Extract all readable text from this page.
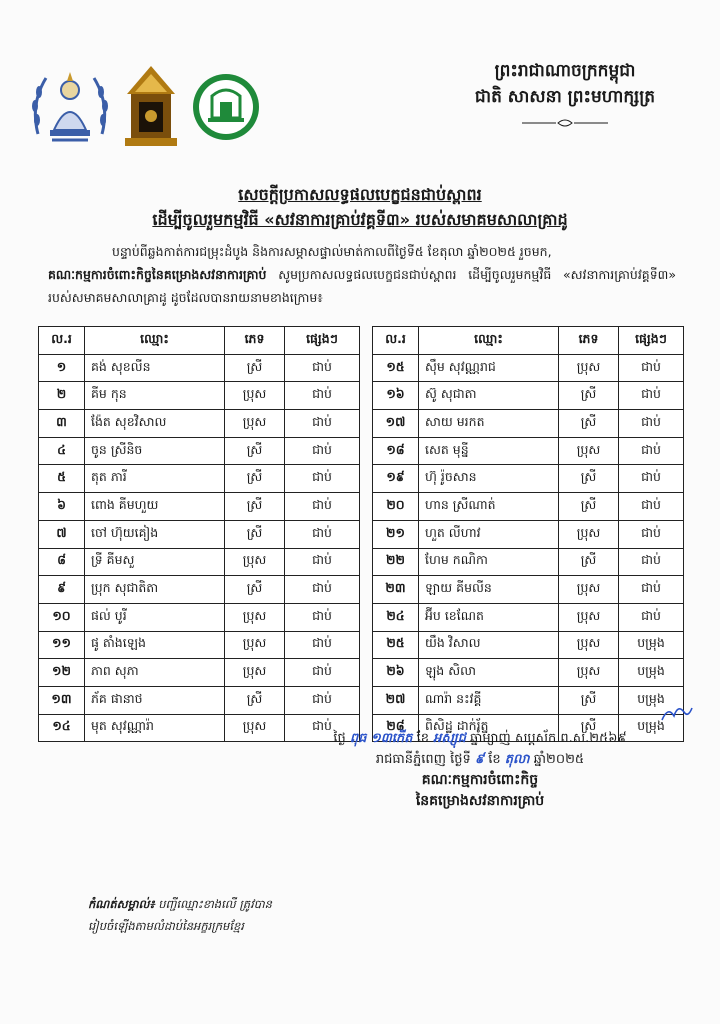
ព្រះរាជាណាចក្រកម្ពុជា
ជាតិ សាសនា ព្រះមហាក្សត្រ
សេចក្តីប្រកាសលទ្ធផលបេក្ខជនជាប់ស្ពាពរ
ដើម្បីចូលរួមកម្មវិធី «សវនាការគ្រាប់វគ្គទី៣» របស់សមាគមសាលាគ្រាដូ
បន្ទាប់ពីឆ្លងកាត់ការជម្រុះដំបូង និងការសម្ភាសផ្ទាល់មាត់កាលពីថ្ងៃទី៥ ខែតុលា ឆ្នាំ២០២៥ រួចមក,
គណៈកម្មការចំពោះកិច្ចនៃគម្រោងសវនាការគ្រាប់ សូមប្រកាសលទ្ធផលបេក្ខជនជាប់ស្ពាពរ ដើម្បីចូលរួមកម្មវិធី «សវនាការគ្រាប់វគ្គទី៣» របស់សមាគមសាលាគ្រាដូ ដូចដែលបានរាយនាមខាងក្រោម៖
ល.រ	ឈ្មោះ	ភេទ	ផ្សេងៗ
១	គង់ សុខលីន	ស្រី	ជាប់
២	គីម កុន	ប្រុស	ជាប់
៣	ង៉ែត សុខវិសាល	ប្រុស	ជាប់
៤	ចូន ស្រីនិច	ស្រី	ជាប់
៥	តុត ភារី	ស្រី	ជាប់
៦	ពោង គីមហួយ	ស្រី	ជាប់
៧	ចៅ ហ៊ុយគៀង	ស្រី	ជាប់
៨	ទ្រី គីមសួ	ប្រុស	ជាប់
៩	ប្រុក សុជាតិតា	ស្រី	ជាប់
១០	ផល់ បូរី	ប្រុស	ជាប់
១១	ផូ តាំងឡេង	ប្រុស	ជាប់
១២	ភាព សុភា	ប្រុស	ជាប់
១៣	ភ័គ ផានាថ	ស្រី	ជាប់
១៤	មុត សុវណ្ណារ៉ា	ប្រុស	ជាប់
ល.រ	ឈ្មោះ	ភេទ	ផ្សេងៗ
១៥	ស៊ឹម សុវណ្ណរាជ	ប្រុស	ជាប់
១៦	ស៊ូ សុជាតា	ស្រី	ជាប់
១៧	សាយ មរកត	ស្រី	ជាប់
១៨	សេត មុន្នី	ប្រុស	ជាប់
១៩	ហ៊ុ រ៉ូចសាន	ស្រី	ជាប់
២០	ហាន ស្រីណាត់	ស្រី	ជាប់
២១	ហួត លីហាវ	ប្រុស	ជាប់
២២	ហែម កណិកា	ស្រី	ជាប់
២៣	ឡាយ គីមលីន	ប្រុស	ជាប់
២៤	អ៊ីប ខេណែត	ប្រុស	ជាប់
២៥	យឹង វិសាល	ប្រុស	បម្រុង
២៦	ឡុង សិលា	ប្រុស	បម្រុង
២៧	ណារ៉ា នះវគ្គី	ស្រី	បម្រុង
២៨	ពិសិដ្ឋ ដាក់រ័ត្ន	ស្រី	បម្រុង
ថ្ងៃ ពុធ ១៣កើត ខែ អស្សុជ ឆ្នាំម្សាញ់ សប្តស័ក ព.ស.២៥៦៩
រាជធានីភ្នំពេញ ថ្ងៃទី ៩ ខែ តុលា ឆ្នាំ២០២៥
គណៈកម្មការចំពោះកិច្ច
នៃគម្រោងសវនាការគ្រាប់
កំណត់សម្គាល់៖ បញ្ជីឈ្មោះខាងលើ ត្រូវបាន
រៀបចំឡើងតាមលំដាប់នៃអក្ខរក្រមខ្មែរ
